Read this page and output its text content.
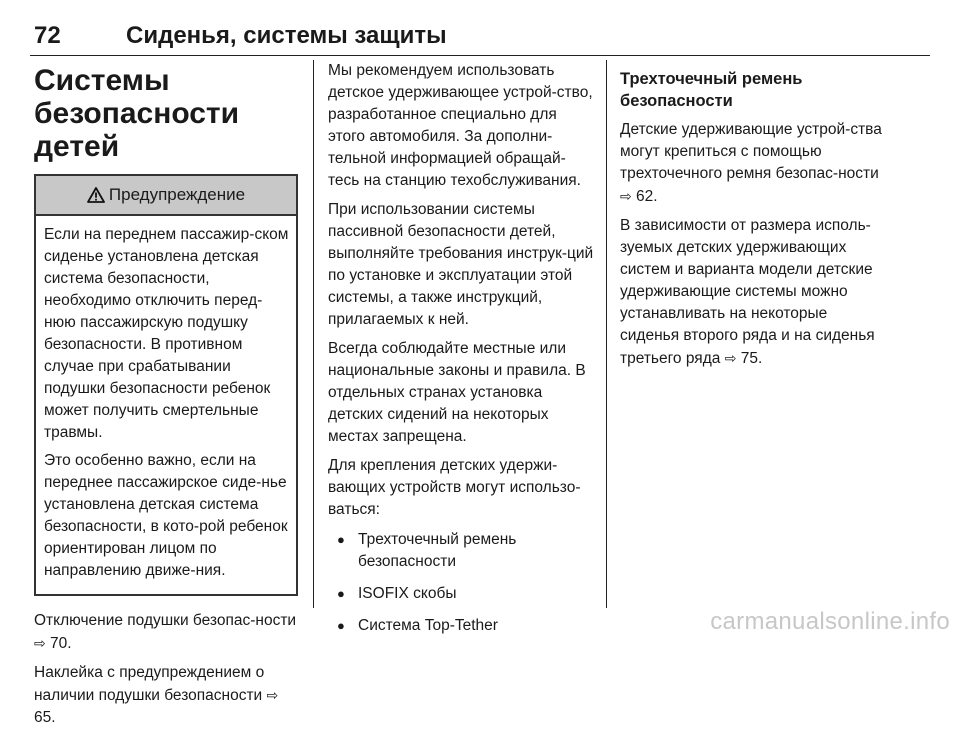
72	Сиденья, системы защиты
Системы
безопасности детей
Предупреждение

Если на переднем пассажир-ском сиденье установлена детская система безопасности, необходимо отключить перед-нюю пассажирскую подушку безопасности. В противном случае при срабатывании подушки безопасности ребенок может получить смертельные травмы.

Это особенно важно, если на переднее пассажирское сиде-нье установлена детская система безопасности, в кото-рой ребенок ориентирован лицом по направлению движе-ния.

Отключение подушки безопас-ности ⇨ 70.

Наклейка с предупреждением о наличии подушки безопасности ⇨ 65.

Мы рекомендуем использовать детское удерживающее устрой-ство, разработанное специально для этого автомобиля. За дополни-тельной информацией обращай-тесь на станцию техобслуживания.

При использовании системы пассивной безопасности детей, выполняйте требования инструк-ций по установке и эксплуатации этой системы, а также инструкций, прилагаемых к ней.

Всегда соблюдайте местные или национальные законы и правила. В отдельных странах установка детских сидений на некоторых местах запрещена.

Для крепления детских удержи-вающих устройств могут использо-ваться:

● Трехточечный ремень безопасности
● ISOFIX скобы
● Система Top-Tether
Трехточечный ремень безопасности

Детские удерживающие устрой-ства могут крепиться с помощью трехточечного ремня безопас-ности ⇨ 62.

В зависимости от размера исполь-зуемых детских удерживающих систем и варианта модели детские удерживающие системы можно устанавливать на некоторые сиденья второго ряда и на сиденья третьего ряда ⇨ 75.

carmanualsonline.info
